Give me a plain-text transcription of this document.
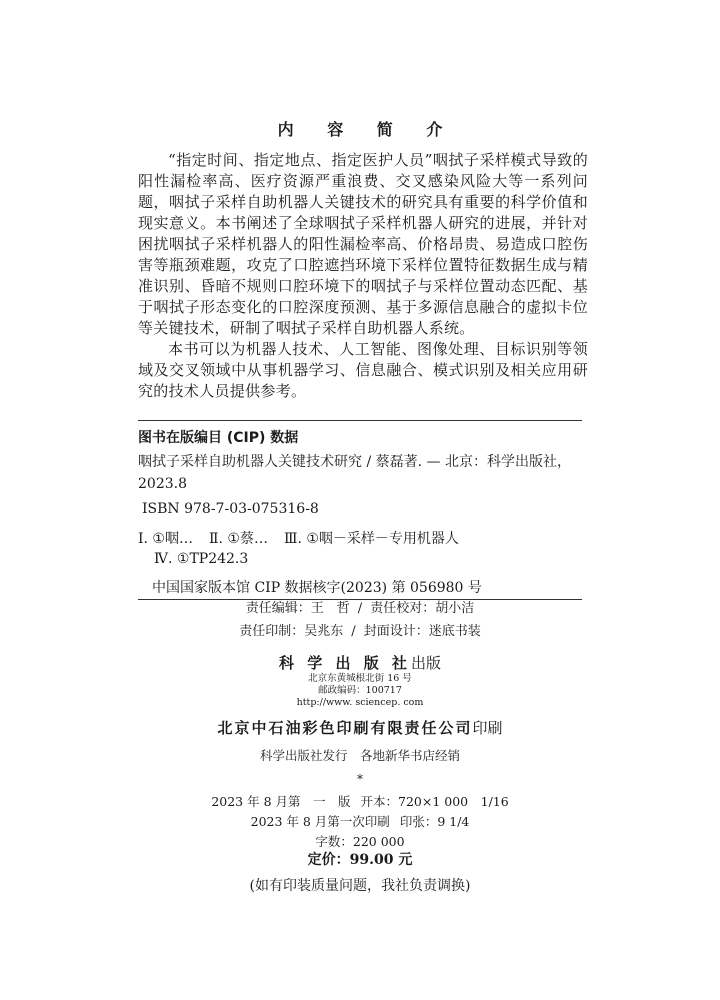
内 容 简 介

“指定时间、指定地点、指定医护人员”咽拭子采样模式导致的阳性漏检率高、医疗资源严重浪费、交叉感染风险大等一系列问题，咽拭子采样自助机器人关键技术的研究具有重要的科学价值和现实意义。本书阐述了全球咽拭子采样机器人研究的进展，并针对困扰咽拭子采样机器人的阳性漏检率高、价格昂贵、易造成口腔伤害等瓶颈难题，攻克了口腔遮挡环境下采样位置特征数据生成与精准识别、昏暗不规则口腔环境下的咽拭子与采样位置动态匹配、基于咽拭子形态变化的口腔深度预测、基于多源信息融合的虚拟卡位等关键技术，研制了咽拭子采样自助机器人系统。

本书可以为机器人技术、人工智能、图像处理、目标识别等领域及交叉领域中从事机器学习、信息融合、模式识别及相关应用研究的技术人员提供参考。

图书在版编目 (CIP) 数据
咽拭子采样自助机器人关键技术研究 / 蔡磊著. — 北京：科学出版社，2023.8
ISBN 978-7-03-075316-8
Ⅰ. ①咽… Ⅱ. ①蔡… Ⅲ. ①咽－采样－专用机器人
Ⅳ. ①TP242.3
中国国家版本馆 CIP 数据核字(2023) 第 056980 号
责任编辑：王　哲 / 责任校对：胡小洁
责任印制：吴兆东 / 封面设计：迷底书装
科 学 出 版 社出版
北京东黄城根北街 16 号
邮政编码：100717
http://www. sciencep. com
北京中石油彩色印刷有限责任公司印刷
科学出版社发行　各地新华书店经销
*
2023 年 8 月第　一　版 开本：720×1 000　1/16
2023 年 8 月第一次印刷 印张：9 1/4
字数：220 000
定价：99.00 元
(如有印装质量问题，我社负责调换)
